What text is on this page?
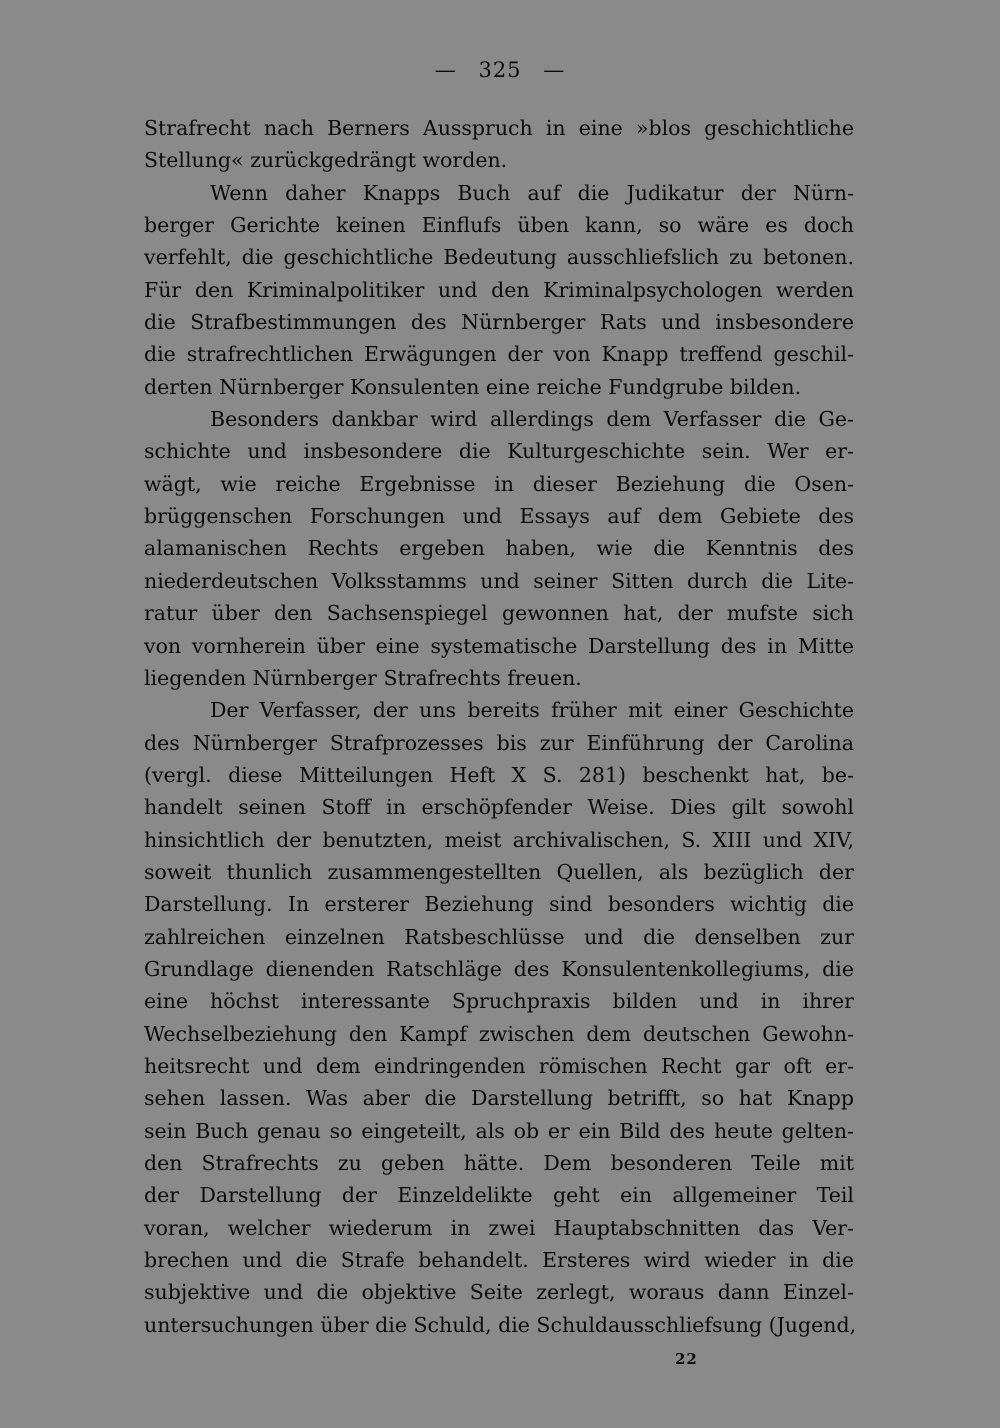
— 325 —
Strafrecht nach Berners Ausspruch in eine »blos geschichtliche
Stellung« zurückgedrängt worden.
Wenn daher Knapps Buch auf die Judikatur der Nürn-
berger Gerichte keinen Einflufs üben kann, so wäre es doch
verfehlt, die geschichtliche Bedeutung ausschliefslich zu betonen.
Für den Kriminalpolitiker und den Kriminalpsychologen werden
die Strafbestimmungen des Nürnberger Rats und insbesondere
die strafrechtlichen Erwägungen der von Knapp treffend geschil-
derten Nürnberger Konsulenten eine reiche Fundgrube bilden.
Besonders dankbar wird allerdings dem Verfasser die Ge-
schichte und insbesondere die Kulturgeschichte sein. Wer er-
wägt, wie reiche Ergebnisse in dieser Beziehung die Osen-
brüggenschen Forschungen und Essays auf dem Gebiete des
alamanischen Rechts ergeben haben, wie die Kenntnis des
niederdeutschen Volksstamms und seiner Sitten durch die Lite-
ratur über den Sachsenspiegel gewonnen hat, der mufste sich
von vornherein über eine systematische Darstellung des in Mitte
liegenden Nürnberger Strafrechts freuen.
Der Verfasser, der uns bereits früher mit einer Geschichte
des Nürnberger Strafprozesses bis zur Einführung der Carolina
(vergl. diese Mitteilungen Heft X S. 281) beschenkt hat, be-
handelt seinen Stoff in erschöpfender Weise. Dies gilt sowohl
hinsichtlich der benutzten, meist archivalischen, S. XIII und XIV,
soweit thunlich zusammengestellten Quellen, als bezüglich der
Darstellung. In ersterer Beziehung sind besonders wichtig die
zahlreichen einzelnen Ratsbeschlüsse und die denselben zur
Grundlage dienenden Ratschläge des Konsulentenkollegiums, die
eine höchst interessante Spruchpraxis bilden und in ihrer
Wechselbeziehung den Kampf zwischen dem deutschen Gewohn-
heitsrecht und dem eindringenden römischen Recht gar oft er-
sehen lassen. Was aber die Darstellung betrifft, so hat Knapp
sein Buch genau so eingeteilt, als ob er ein Bild des heute gelten-
den Strafrechts zu geben hätte. Dem besonderen Teile mit
der Darstellung der Einzeldelikte geht ein allgemeiner Teil
voran, welcher wiederum in zwei Hauptabschnitten das Ver-
brechen und die Strafe behandelt. Ersteres wird wieder in die
subjektive und die objektive Seite zerlegt, woraus dann Einzel-
untersuchungen über die Schuld, die Schuldausschliefsung (Jugend,
22
